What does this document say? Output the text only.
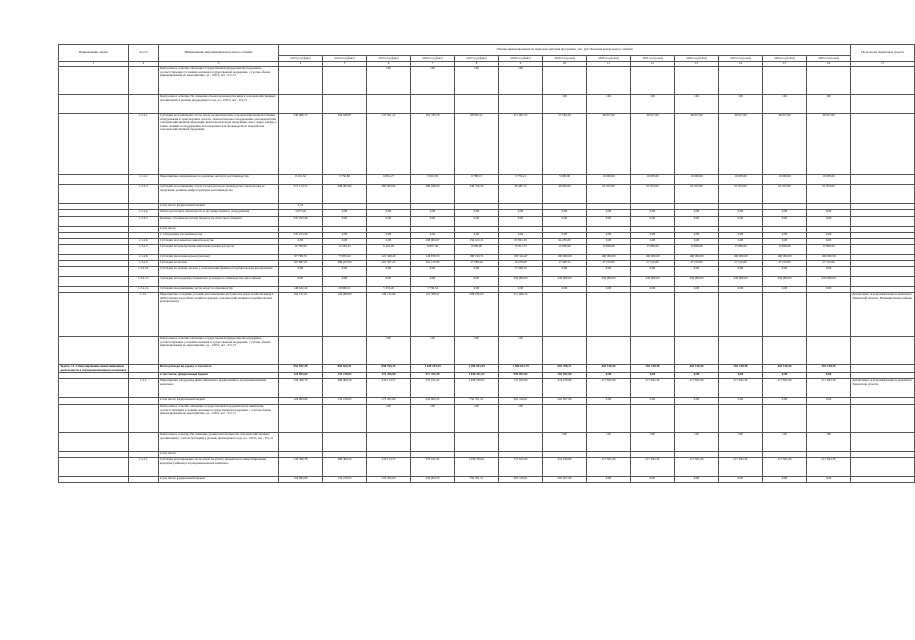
Наименование задачи	№ п/п	Наименование мероприятия/контрольного события	Объемы финансирования по периодам действия программы, тыс. руб./Значения контрольного события													Получатели бюджетных средств
			2013 год (факт)	2014 год (факт)	2015 год (факт)	2016 год (факт)	2017 год (факт)	2018 год (факт)	2019 год (план)	2020 год (план)	2021 год (план)	2022 год (план)	2023 год (план)	2024 год (план)	2025 год (план)	
1	2	3	4	5	6	7	8	9	10	11	12	13	14	15	16	17
		Контрольное событие. Оказание государственной (федеральной) поддержки, соответствующих условиям оказания государственной поддержки, с учетом объема финансирования по мероприятию, да - 100%; нет - 0%, П			100	100	100	100								
		Контрольное событие. Не снижение объема производства яйца в сельскохозяйственных организациях к уровню предыдущего года, да - 100%; нет - 0%, П							100	100	100	100	100	100	100	
	1.3.4.1.	Субсидии на возмещение части затрат на приобретение сельскохозяйственной техники, оборудования и транспортных средств, технологическое оборудование для переработки сельскохозяйственной продукции, включая молочную продукцию, мясо, зерно, овощи, а также техники и оборудования, используемых для производства и переработки сельскохозяйственной продукции	249 066,72	194 028,87	137 051,22	181 333,76	88 095,51	317 097,25	57 182,58	46 817,00	46 817,00	46 817,00	46 817,00	46 817,00	46 817,00	
	1.3.4.2.	Мероприятие, направленное на развитие экспорта растениеводства	9 219,52	5 750,86	9 801,27	5 916,39	9 788,15	5 755,21	5 000,00	10 000,00	10 000,00	10 000,00	10 000,00	10 000,00	10 000,00	
	1.3.4.3.	Субсидии на возмещение затрат в подотрасли растениеводства, переработки ее продукции, развитие инфраструктуры растениеводства	515 170,55	588 963,04	483 663,64	280 940,03	349 576,50	28 487,72	49 926,00	61 819,00	61 819,00	61 819,00	61 819,00	61 819,00	61 819,00	
		в том числе: федеральный бюджет	5,23													
	1.3.4.4.	Оплата расчетных обязательств за поставки машин и оборудования	3 077,40	0,00	0,00	0,00	0,00	0,00	0,00	0,00	0,00	0,00	0,00	0,00	0,00	
	1.3.4.5.	Целевые субсидии местному бюджету на областного бюджета	235 223,49	0,00	0,00	0,00	0,00	0,00	0,00	0,00	0,00	0,00	0,00	0,00	0,00	
		в том числе:														
		1.1.Поддержку растениеводства	235 223,49	0,00	0,00	0,00	0,00	0,00	0,00	0,00	0,00	0,00	0,00	0,00	0,00	
	1.3.4.6.	Субсидии на племенное животноводство	0,00	0,00	0,00	298 900,67	156 912,31	65 891,30	94 255,00	0,00	0,00	0,00	0,00	0,00	0,00	
	1.3.4.7.	Субсидии на приобретение животноводческих ресурсов	14 799,99	14 363,23	6 416,09	8 897,36	9 990,00	13 811,73	12 000,00	13 800,00	13 800,00	13 800,00	13 800,00	13 800,00	13 800,00	
	1.3.4.8.	Субсидии (молочная корова) (молоко)	97 798,70	73 835,02	121 548,29	126 879,53	188 743,71	130 324,47	160 000,00	160 000,00	160 000,00	160 000,00	160 000,00	160 000,00	160 000,00	
	1.3.4.9.	Субсидии на молоко	107 887,87	289 953,09	201 567,43	181 125,83	27 589,29	10 278,06	17 468,15	27 510,00	27 510,00	27 510,00	27 510,00	27 510,00	27 510,00	
	1.3.4.10.	Субсидии на закупку молока у сельскохозяйственных потребительских кооперативов	0,00	0,00	0,00	0,00	0,00	75 398,19	0,00	0,00	0,00	0,00	0,00	0,00	0,00	
	1.3.4.11.	Субсидии на поддержку племенного и товарного свиноводства, мяса свиней	0,00	0,00	0,00	0,00	0,00	250 000,00	250 000,00	250 000,00	250 000,00	250 000,00	250 000,00	250 000,00	250 000,00	
	1.3.4.12.	Субсидии на возмещение части затрат по производству	148 922,42	29 868,31	5 353,26	5 730,54	0,00	0,00	0,00	0,00	0,00	0,00	0,00	0,00	0,00	
	1.3.5.	Мероприятие. Создание условий для повышения доступности форм хозяйствования в АПК (личных подсобных хозяйств граждан, сельскохозяйственных потребительских кооперативов)	104 131,01	120 000,00	120 122,86	121 508,27	208 019,03	217 066,74								Департамент агропромышленного комплекса Тюменской области. Муниципальные районы
		Контрольное событие. Оказание государственной (федеральной) поддержки, соответствующих условиям оказания государственной поддержки, с учетом объема финансирования по мероприятию, да - 100%; нет - 0%, П			100	100	100	100								
Задача 1.4. Стимулирование инвестиционной деятельности в агропромышленном комплексе		Всего расходы на задачу, в том числе	952 597,39	856 654,51	858 764,15	1 649 183,59	1 785 553,45	1 580 621,79	601 478,77	363 140,36	363 140,36	363 140,36	363 140,36	363 140,36	363 140,36	
		в том числе: федеральный бюджет	124 893,69	133 218,03	173 265,60	971 433,39	1 046 411,52	999 057,04	202 957,90	0,00	0,00	0,00	0,00	0,00	0,00	
	1.4.1.	Мероприятие. Поддержка инвестиционного кредитования в агропромышленном комплексе	143 360,78	380 484,56	230 113,57	579 191,62	1 028 796,91	757 625,60	419 166,86	217 843,36	217 843,36	217 843,36	217 843,36	217 843,36	217 843,36	Департамент агропромышленного комплекса Тюменской области.
		в том числе: федеральный бюджет	124 893,69	133 218,03	173 265,60	243 964,35	756 701,51	565 416,61	202 957,90	0,00	0,00	0,00	0,00	0,00	0,00	
		Контрольное событие. Оказание государственной поддержки всем заявителям, соответствующим условиям оказания государственной поддержки, с учетом объема финансирования по мероприятию, да - 100%; нет - 0%, П			100	100	100	100								
		Контрольное событие. Не снижение уровня рентабельности сельскохозяйственных организаций (с учетом субсидий) к уровню предыдущего года, да - 100%; нет - 0%, П							100	100	100	100	100	100	100	
		в том числе:														
	1.4.1.1.	Субсидии на возмещение части затрат на уплату процентов по инвестиционным кредитам (займам) в агропромышленном комплексе	143 360,78	380 484,56	230 113,57	579 191,62	1 028 796,91	757 625,60	419 166,86	217 843,36	217 843,36	217 843,36	217 843,36	217 843,36	217 843,36	
		в том числе: федеральный бюджет	124 893,69	133 218,03	173 265,60	243 964,35	756 701,51	565 416,61	202 957,90	0,00	0,00	0,00	0,00	0,00	0,00	
